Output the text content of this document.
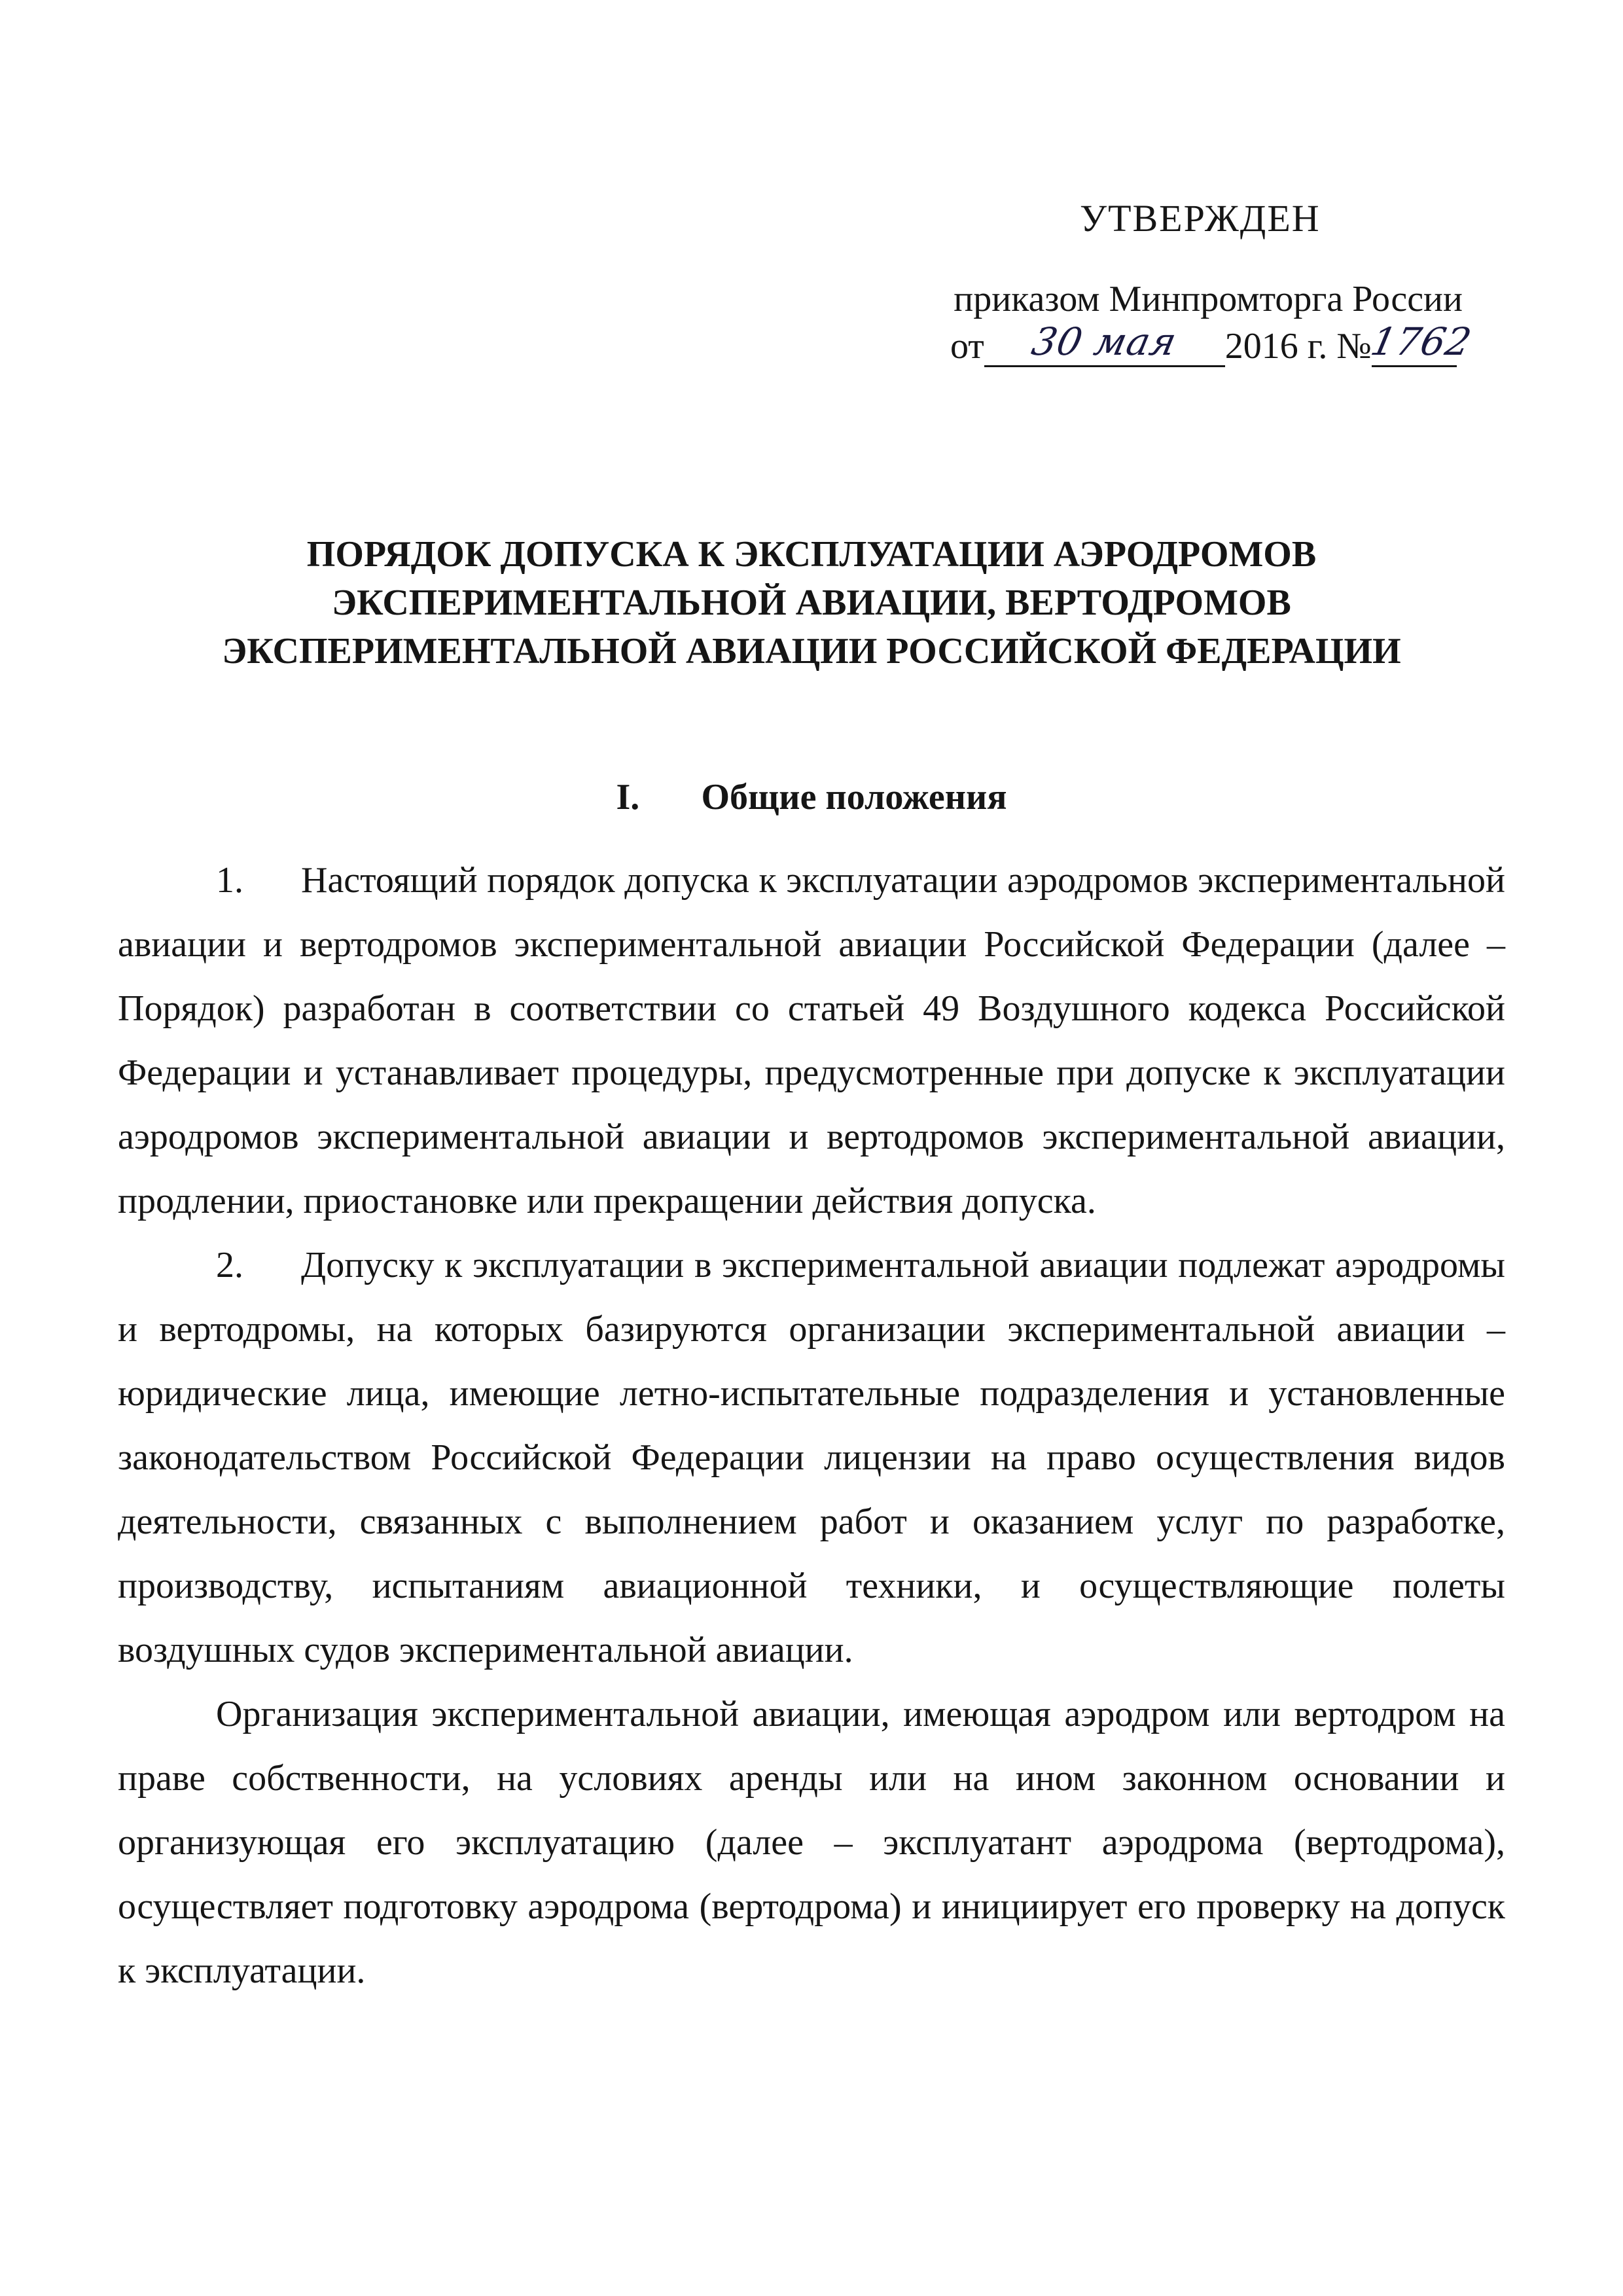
УТВЕРЖДЕН
приказом Минпромторга России
от 30 мая 2016 г. №1762
ПОРЯДОК ДОПУСКА К ЭКСПЛУАТАЦИИ АЭРОДРОМОВ
ЭКСПЕРИМЕНТАЛЬНОЙ АВИАЦИИ, ВЕРТОДРОМОВ
ЭКСПЕРИМЕНТАЛЬНОЙ АВИАЦИИ РОССИЙСКОЙ ФЕДЕРАЦИИ
I. Общие положения

1. Настоящий порядок допуска к эксплуатации аэродромов экспериментальной авиации и вертодромов экспериментальной авиации Российской Федерации (далее – Порядок) разработан в соответствии со статьей 49 Воздушного кодекса Российской Федерации и устанавливает процедуры, предусмотренные при допуске к эксплуатации аэродромов экспериментальной авиации и вертодромов экспериментальной авиации, продлении, приостановке или прекращении действия допуска.

2. Допуску к эксплуатации в экспериментальной авиации подлежат аэродромы и вертодромы, на которых базируются организации экспериментальной авиации – юридические лица, имеющие летно-испытательные подразделения и установленные законодательством Российской Федерации лицензии на право осуществления видов деятельности, связанных с выполнением работ и оказанием услуг по разработке, производству, испытаниям авиационной техники, и осуществляющие полеты воздушных судов экспериментальной авиации.

Организация экспериментальной авиации, имеющая аэродром или вертодром на праве собственности, на условиях аренды или на ином законном основании и организующая его эксплуатацию (далее – эксплуатант аэродрома (вертодрома), осуществляет подготовку аэродрома (вертодрома) и инициирует его проверку на допуск к эксплуатации.
